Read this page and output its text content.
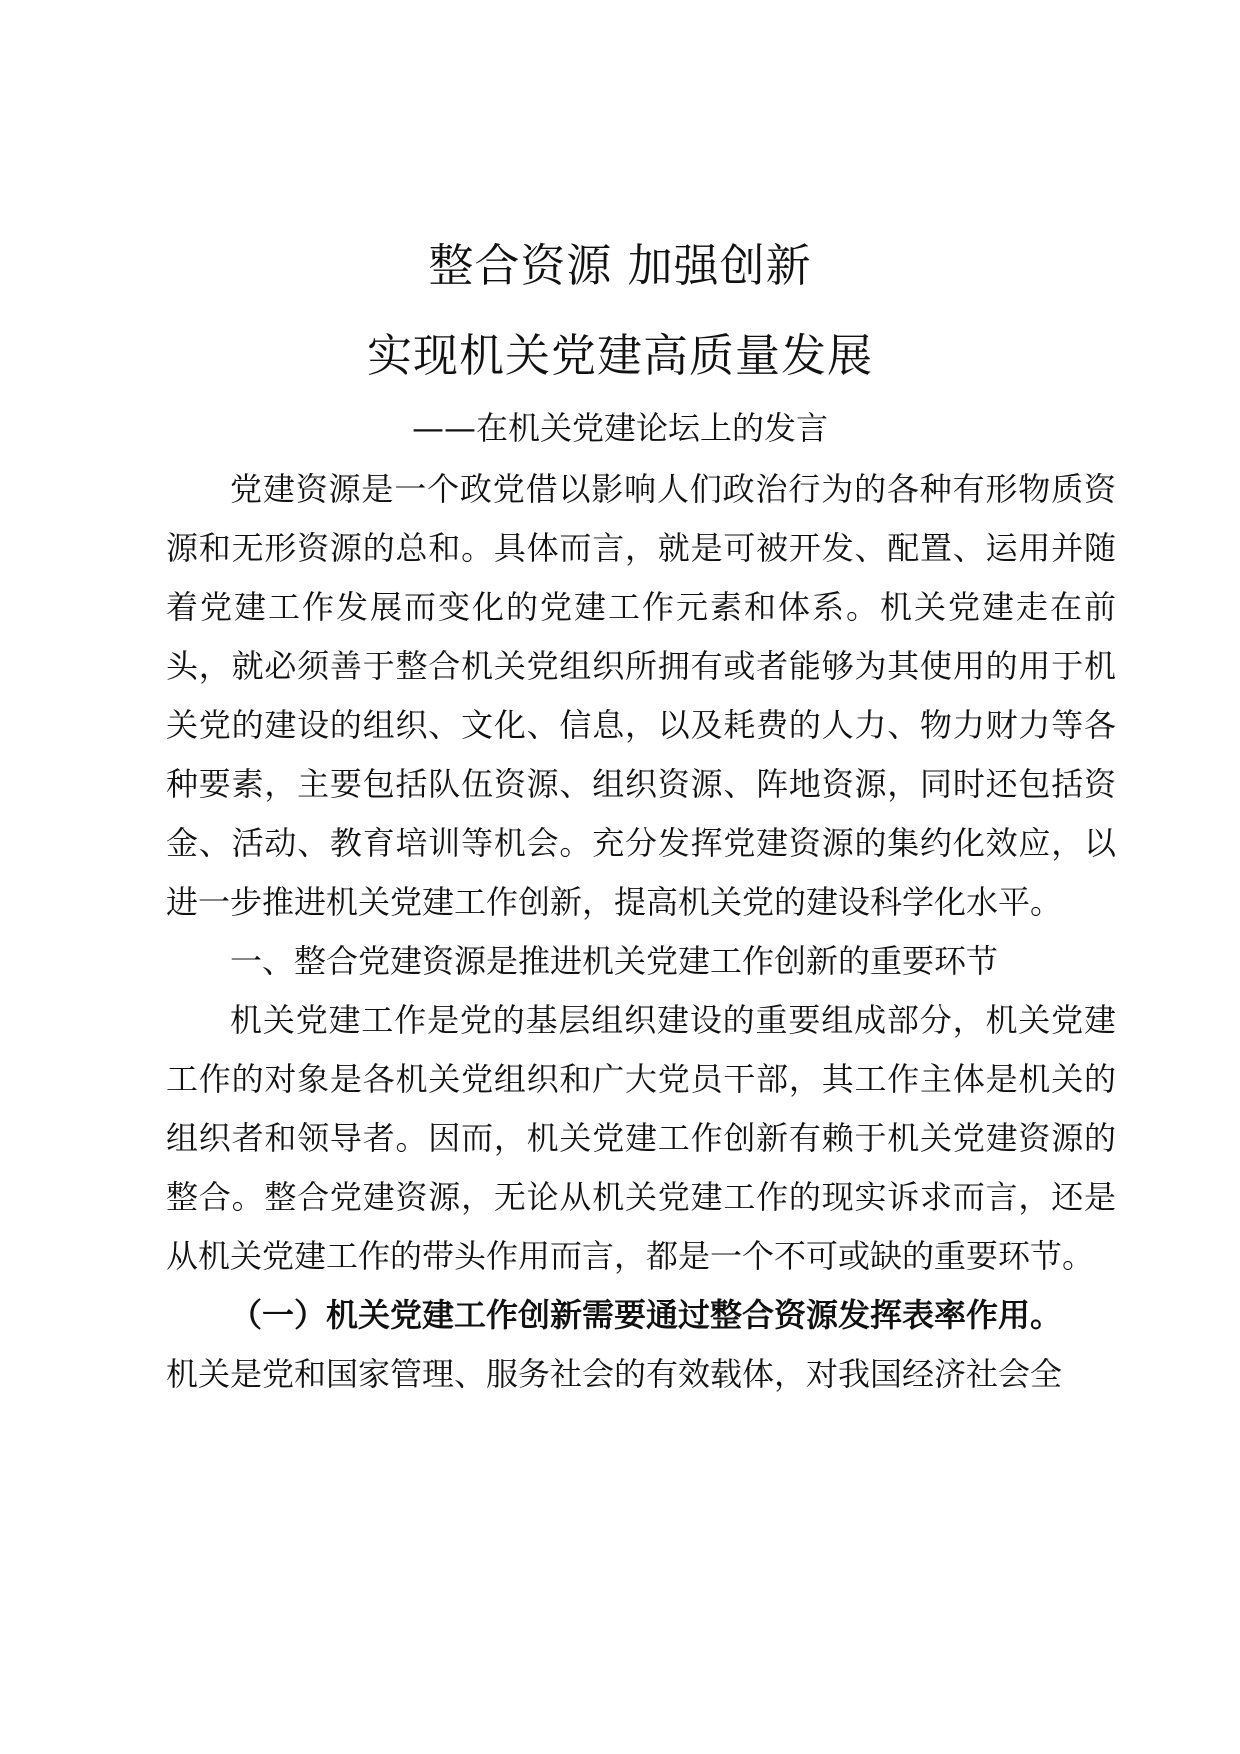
整合资源 加强创新
实现机关党建高质量发展

——在机关党建论坛上的发言

党建资源是一个政党借以影响人们政治行为的各种有形物质资源和无形资源的总和。具体而言，就是可被开发、配置、运用并随着党建工作发展而变化的党建工作元素和体系。机关党建走在前头，就必须善于整合机关党组织所拥有或者能够为其使用的用于机关党的建设的组织、文化、信息，以及耗费的人力、物力财力等各种要素，主要包括队伍资源、组织资源、阵地资源，同时还包括资金、活动、教育培训等机会。充分发挥党建资源的集约化效应，以进一步推进机关党建工作创新，提高机关党的建设科学化水平。

一、整合党建资源是推进机关党建工作创新的重要环节

机关党建工作是党的基层组织建设的重要组成部分，机关党建工作的对象是各机关党组织和广大党员干部，其工作主体是机关的组织者和领导者。因而，机关党建工作创新有赖于机关党建资源的整合。整合党建资源，无论从机关党建工作的现实诉求而言，还是从机关党建工作的带头作用而言，都是一个不可或缺的重要环节。

（一）机关党建工作创新需要通过整合资源发挥表率作用。

机关是党和国家管理、服务社会的有效载体，对我国经济社会全
